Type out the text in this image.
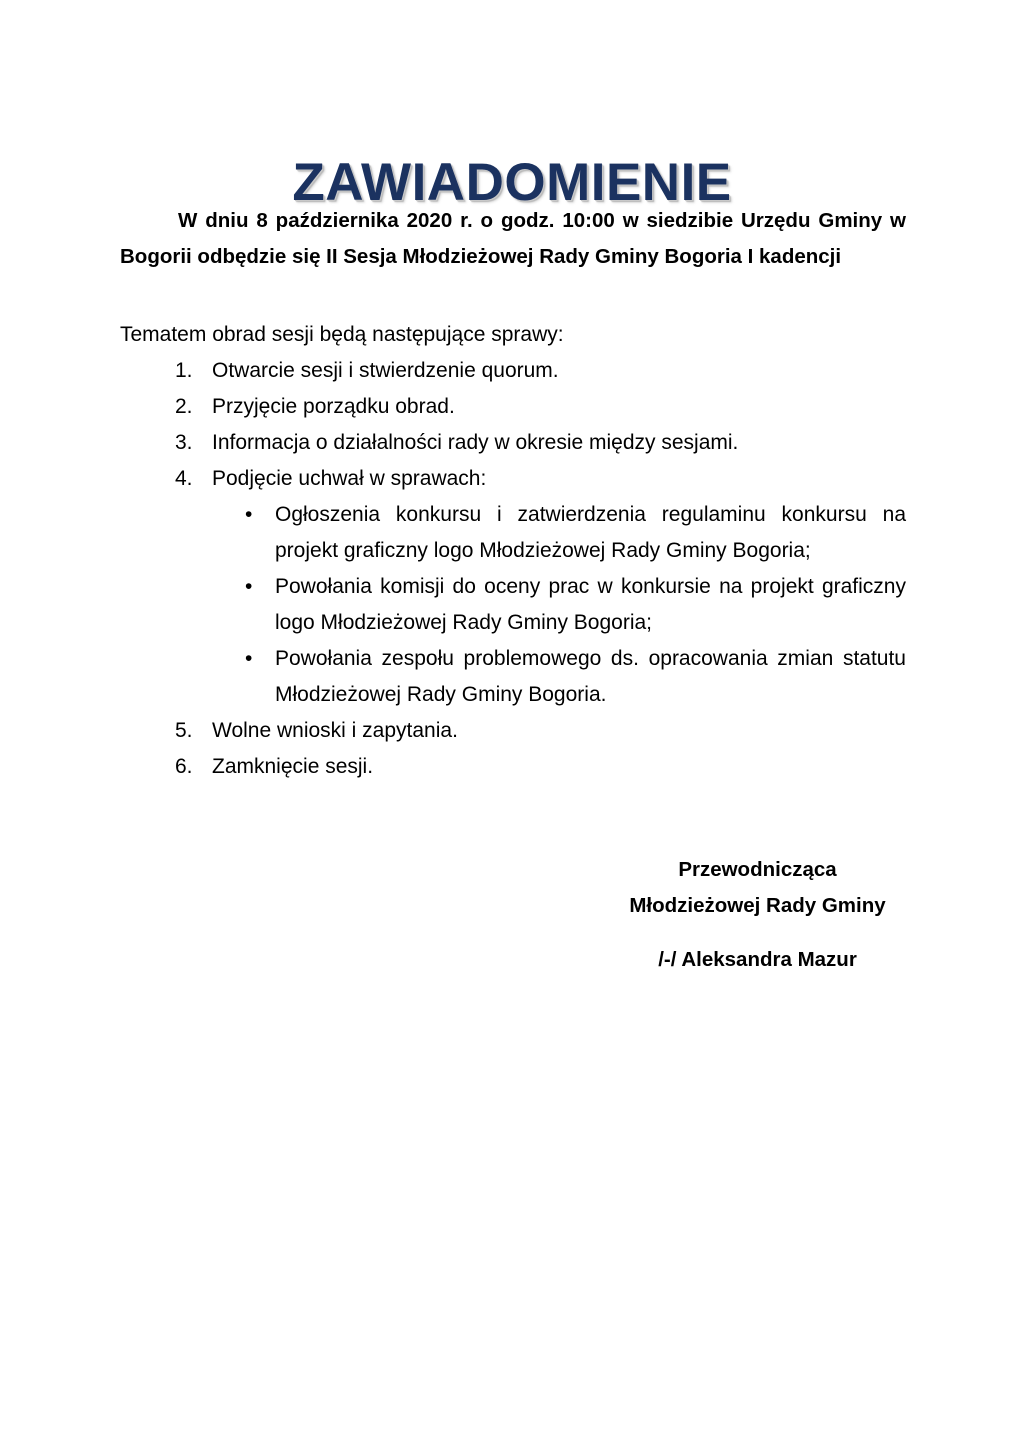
ZAWIADOMIENIE

W dniu 8 października 2020 r. o godz. 10:00 w siedzibie Urzędu Gminy w Bogorii odbędzie się II Sesja Młodzieżowej Rady Gminy Bogoria I kadencji

Tematem obrad sesji będą następujące sprawy:

1. Otwarcie sesji i stwierdzenie quorum.
2. Przyjęcie porządku obrad.
3. Informacja o działalności rady w okresie między sesjami.
4. Podjęcie uchwał w sprawach:
• Ogłoszenia konkursu i zatwierdzenia regulaminu konkursu na projekt graficzny logo Młodzieżowej Rady Gminy Bogoria;
• Powołania komisji do oceny prac w konkursie na projekt graficzny logo Młodzieżowej Rady Gminy Bogoria;
• Powołania zespołu problemowego ds. opracowania zmian statutu Młodzieżowej Rady Gminy Bogoria.
5. Wolne wnioski i zapytania.
6. Zamknięcie sesji.
Przewodnicząca
Młodzieżowej Rady Gminy
/-/ Aleksandra Mazur
